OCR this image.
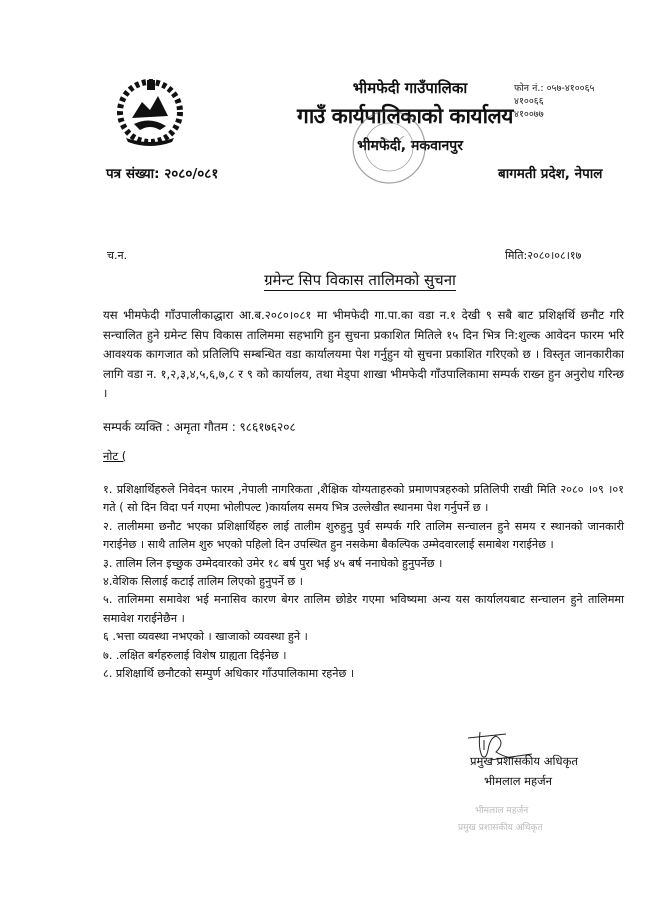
भीमफेदी गाउँपालिका
गाउँ कार्यपालिकाको कार्यालय
भीमफेदी, मकवानपुर
फोन नं.: ०५७-४१००६५
४१००६६
४१००७७
पत्र संख्या: २०८०/०८१	बागमती प्रदेश, नेपाल
च.न.	मिति:२०८०।०८।१७
ग्रमेन्ट सिप विकास तालिमको सुचना
यस भीमफेदी गाँउपालीकाद्धारा आ.ब.२०८०।०८१ मा भीमफेदी गा.पा.का वडा न.१ देखी ९ सबै बाट प्रशिक्षर्थि छनौट गरि सन्चालित हुने ग्रमेन्ट सिप विकास तालिममा सहभागि हुन सुचना प्रकाशित मितिले १५ दिन भित्र नि:शुल्क आवेदन फारम भरि आवश्यक कागजात को प्रतिलिपि सम्बन्धित वडा कार्यालयमा पेश गर्नुहुन यो सुचना प्रकाशित गरिएको छ । विस्तृत जानकारीका लागि वडा न. १,२,३,४,५,६,७,८ र ९ को कार्यालय, तथा मेड्पा शाखा भीमफेदी गाँउपालिकामा सम्पर्क राख्न हुन अनुरोध गरिन्छ ।
सम्पर्क व्यक्ति : अमृता गौतम : ९८६१७६२०८
नोट (
१. प्रशिक्षार्थिहरुले निवेदन फारम ,नेपाली नागरिकता ,शैक्षिक योग्यताहरुको प्रमाणपत्रहरुको प्रतिलिपी राखी मिति २०८० ।०९ ।०१ गते ( सो दिन विदा पर्न गएमा भोलीपल्ट )कार्यालय समय भित्र उल्लेखीत स्थानमा पेश गर्नुपर्ने छ ।
२. तालीममा छनौट भएका प्रशिक्षार्थिहरु लाई तालीम शुरुहुनु पुर्व सम्पर्क गरि तालिम सन्चालन हुने समय र स्थानको जानकारी गराईनेछ । साथै तालिम शुरु भएको पहिलो दिन उपस्थित हुन नसकेमा बैकल्पिक उम्मेदवारलाई समाबेश गराईनेछ ।
३. तालिम लिन इच्छुक उम्मेदवारको उमेर १८ बर्ष पुरा भई ४५ बर्ष ननाघेको हुनुपर्नेछ ।
४.वेशिक सिलाई कटाई तालिम लिएको हुनुपर्ने छ ।
५. तालिममा समावेश भई मनासिव कारण बेगर तालिम छोडेर गएमा भविष्यमा अन्य यस कार्यालयबाट सन्चालन हुने तालिममा समावेश गराईनेछैन ।
६ .भत्ता व्यवस्था नभएको । खाजाको व्यवस्था हुने ।
७. .लक्षित बर्गहरुलाई विशेष ग्राह्यता दिईनेछ ।
८. प्रशिक्षार्थि छनौटको सम्पुर्ण अधिकार गाँउपालिकामा रहनेछ ।
प्रमुख प्रशासकीय अधिकृत
भीमलाल महर्जन
भीमलाल महर्जन
प्रमुख प्रशासकीय अधिकृत
